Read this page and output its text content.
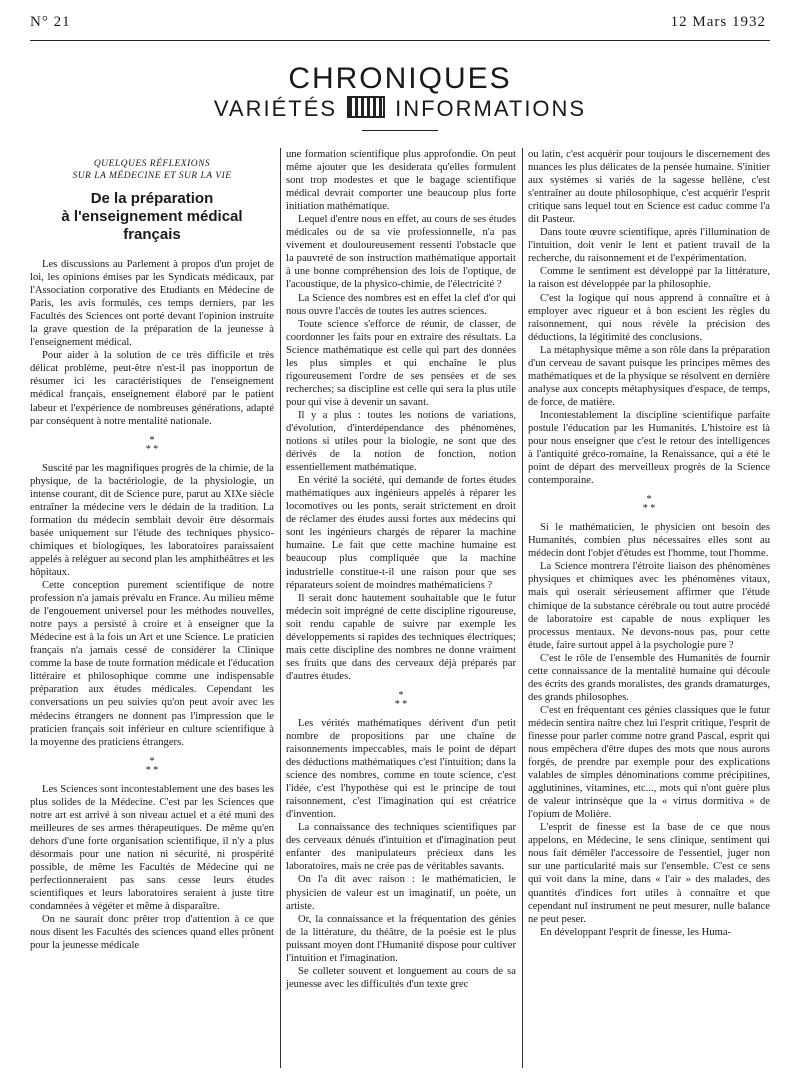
N° 21	12 Mars 1932
CHRONIQUES
VARIÉTÉS	INFORMATIONS
QUELQUES RÉFLEXIONS
SUR LA MÉDECINE ET SUR LA VIE
De la préparation
à l'enseignement médical
français

Les discussions au Parlement à propos d'un projet de loi, les opinions émises par les Syndicats médicaux, par l'Association corporative des Etudiants en Médecine de Paris, les avis formulés, ces temps derniers, par les Facultés des Sciences ont porté devant l'opinion instruite la grave question de la préparation de la jeunesse à l'enseignement médical.

Pour aider à la solution de ce très difficile et très délicat problème, peut-être n'est-il pas inopportun de résumer ici les caractéristiques de l'enseignement médical français, enseignement élaboré par le patient labeur et l'expérience de nombreuses générations, adapté par conséquent à notre mentalité nationale.

*
* *

Suscité par les magnifiques progrès de la chimie, de la physique, de la bactériologie, de la physiologie, un intense courant, dit de Science pure, parut au XIXe siècle entraîner la médecine vers le dédain de la tradition. La formation du médecin semblait devoir être désormais basée uniquement sur l'étude des techniques physico-chimiques et biologiques, les laboratoires paraissaient appelés à reléguer au second plan les amphithéâtres et les hôpitaux.

Cette conception purement scientifique de notre profession n'a jamais prévalu en France. Au milieu même de l'engouement universel pour les méthodes nouvelles, notre pays a persisté à croire et à enseigner que la Médecine est à la fois un Art et une Science. Le praticien français n'a jamais cessé de considérer la Clinique comme la base de toute formation médicale et l'éducation littéraire et philosophique comme une indispensable préparation aux études médicales. Cependant les conversations un peu suivies qu'on peut avoir avec les médecins étrangers ne donnent pas l'impression que le praticien français soit inférieur en culture scientifique à la moyenne des praticiens étrangers.

*
* *

Les Sciences sont incontestablement une des bases les plus solides de la Médecine. C'est par les Sciences que notre art est arrivé à son niveau actuel et a été muni des meilleures de ses armes thérapeutiques. De même qu'en dehors d'une forte organisation scientifique, il n'y a plus désormais pour une nation ni sécurité, ni prospérité possible, de même les Facultés de Médecine qui ne perfectionneraient pas sans cesse leurs études scientifiques et leurs laboratoires seraient à juste titre condamnées à végéter et même à disparaître.

On ne saurait donc prêter trop d'attention à ce que nous disent les Facultés des sciences quand elles prônent pour la jeunesse médicale

une formation scientifique plus approfondie. On peut même ajouter que les desiderata qu'elles formulent sont trop modestes et que le bagage scientifique médical devrait comporter une beaucoup plus forte initiation mathématique.

Lequel d'entre nous en effet, au cours de ses études médicales ou de sa vie professionnelle, n'a pas vivement et douloureusement ressenti l'obstacle que la pauvreté de son instruction mathématique apportait à une bonne compréhension des lois de l'optique, de l'acoustique, de la physico-chimie, de l'électricité ?

La Science des nombres est en effet la clef d'or qui nous ouvre l'accès de toutes les autres sciences.

Toute science s'efforce de réunir, de classer, de coordonner les faits pour en extraire des résultats. La Science mathématique est celle qui part des données les plus simples et qui enchaîne le plus rigoureusement l'ordre de ses pensées et de ses recherches; sa discipline est celle qui sera la plus utile pour qui vise à devenir un savant.

Il y a plus : toutes les notions de variations, d'évolution, d'interdépendance des phénomènes, notions si utiles pour la biologie, ne sont que des dérivés de la notion de fonction, notion essentiellement mathématique.

En vérité la société, qui demande de fortes études mathématiques aux ingénieurs appelés à réparer les locomotives ou les ponts, serait strictement en droit de réclamer des études aussi fortes aux médecins qui sont les ingénieurs chargés de réparer la machine humaine. Le fait que cette machine humaine est beaucoup plus compliquée que la machine industrielle constitue-t-il une raison pour que ses réparateurs soient de moindres mathématiciens ?

Il serait donc hautement souhaitable que le futur médecin soit imprégné de cette discipline rigoureuse, soit rendu capable de suivre par exemple les développements si rapides des techniques électriques; mais cette discipline des nombres ne donne vraiment ses fruits que dans des cerveaux déjà préparés par d'autres études.

*
* *

Les vérités mathématiques dérivent d'un petit nombre de propositions par une chaîne de raisonnements impeccables, mais le point de départ des déductions mathématiques c'est l'intuition; dans la science des nombres, comme en toute science, c'est l'idée, c'est l'hypothèse qui est le principe de tout raisonnement, c'est l'imagination qui est créatrice d'invention.

La connaissance des techniques scientifiques par des cerveaux dénués d'intuition et d'imagination peut enfanter des manipulateurs précieux dans les laboratoires, mais ne crée pas de véritables savants.

On l'a dit avec raison : le mathématicien, le physicien de valeur est un imaginatif, un poète, un artiste.

Or, la connaissance et la fréquentation des génies de la littérature, du théâtre, de la poésie est le plus puissant moyen dont l'Humanité dispose pour cultiver l'intuition et l'imagination.

Se colleter souvent et longuement au cours de sa jeunesse avec les difficultés d'un texte grec

ou latin, c'est acquérir pour toujours le discernement des nuances les plus délicates de la pensée humaine. S'initier aux systèmes si variés de la sagesse hellène, c'est s'entraîner au doute philosophique, c'est acquérir l'esprit critique sans lequel tout en Science est caduc comme l'a dit Pasteur.

Dans toute œuvre scientifique, après l'illumination de l'intuition, doit venir le lent et patient travail de la recherche, du raisonnement et de l'expérimentation.

Comme le sentiment est développé par la littérature, la raison est développée par la philosophie.

C'est la logique qui nous apprend à connaître et à employer avec rigueur et à bon escient les règles du raisonnement, qui nous révèle la précision des déductions, la légitimité des conclusions.

La métaphysique même a son rôle dans la préparation d'un cerveau de savant puisque les principes mêmes des mathématiques et de la physique se résolvent en dernière analyse aux concepts métaphysiques d'espace, de temps, de force, de matière.

Incontestablement la discipline scientifique parfaite postule l'éducation par les Humanités. L'histoire est là pour nous enseigner que c'est le retour des intelligences à l'antiquité gréco-romaine, la Renaissance, qui a été le point de départ des merveilleux progrès de la Science contemporaine.

*
* *

Si le mathématicien, le physicien ont besoin des Humanités, combien plus nécessaires elles sont au médecin dont l'objet d'études est l'homme, tout l'homme.

La Science montrera l'étroite liaison des phénomènes physiques et chimiques avec les phénomènes vitaux, mais qui oserait sérieusement affirmer que l'étude chimique de la substance cérébrale ou tout autre procédé de laboratoire est capable de nous expliquer les processus mentaux. Ne devons-nous pas, pour cette étude, faire surtout appel à la psychologie pure ?

C'est le rôle de l'ensemble des Humanités de fournir cette connaissance de la mentalité humaine qui découle des écrits des grands moralistes, des grands dramaturges, des grands philosophes.

C'est en fréquentant ces génies classiques que le futur médecin sentira naître chez lui l'esprit critique, l'esprit de finesse pour parler comme notre grand Pascal, esprit qui nous empêchera d'être dupes des mots que nous aurons forgés, de prendre par exemple pour des explications valables de simples dénominations comme précipitines, agglutinines, vitamines, etc..., mots qui n'ont guère plus de valeur intrinsèque que la « virtus dormitiva » de l'opium de Molière.

L'esprit de finesse est la base de ce que nous appelons, en Médecine, le sens clinique, sentiment qui nous fait démêler l'accessoire de l'essentiel, juger non sur une particularité mais sur l'ensemble. C'est ce sens qui voit dans la mine, dans « l'air » des malades, des quantités d'indices fort utiles à connaître et que cependant nul instrument ne peut mesurer, nulle balance ne peut peser.

En développant l'esprit de finesse, les Huma-
